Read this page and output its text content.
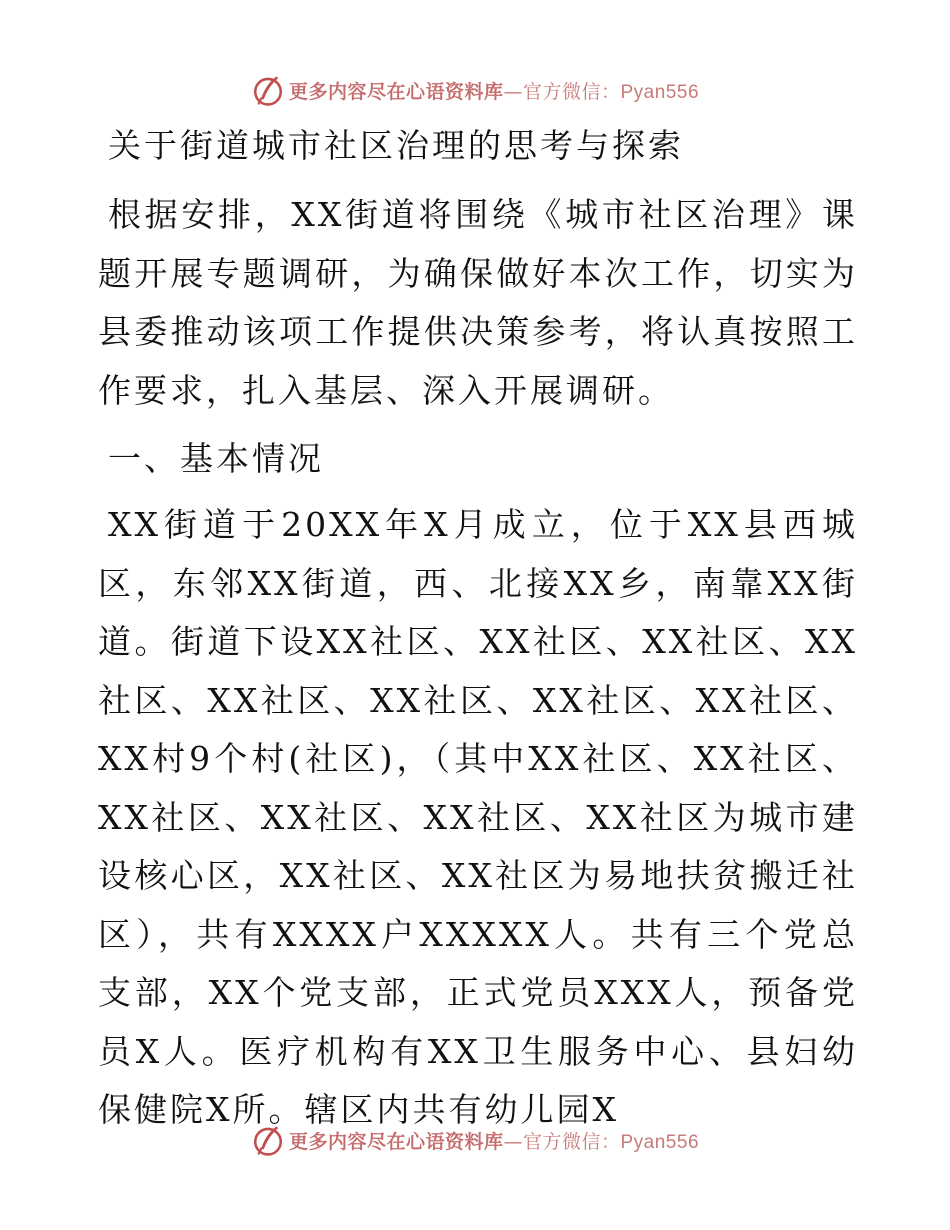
更多内容尽在心语资料库—官方微信：Pyan556
关于街道城市社区治理的思考与探索

根据安排，XX街道将围绕《城市社区治理》课题开展专题调研，为确保做好本次工作，切实为县委推动该项工作提供决策参考，将认真按照工作要求，扎入基层、深入开展调研。

一、基本情况

XX街道于20XX年X月成立，位于XX县西城区，东邻XX街道，西、北接XX乡，南靠XX街道。街道下设XX社区、XX社区、XX社区、XX社区、XX社区、XX社区、XX社区、XX社区、XX村9个村(社区)，（其中XX社区、XX社区、XX社区、XX社区、XX社区、XX社区为城市建设核心区，XX社区、XX社区为易地扶贫搬迁社区），共有XXXX户XXXXX人。共有三个党总支部，XX个党支部，正式党员XXX人，预备党员X人。医疗机构有XX卫生服务中心、县妇幼保健院X所。辖区内共有幼儿园X

更多内容尽在心语资料库—官方微信：Pyan556
